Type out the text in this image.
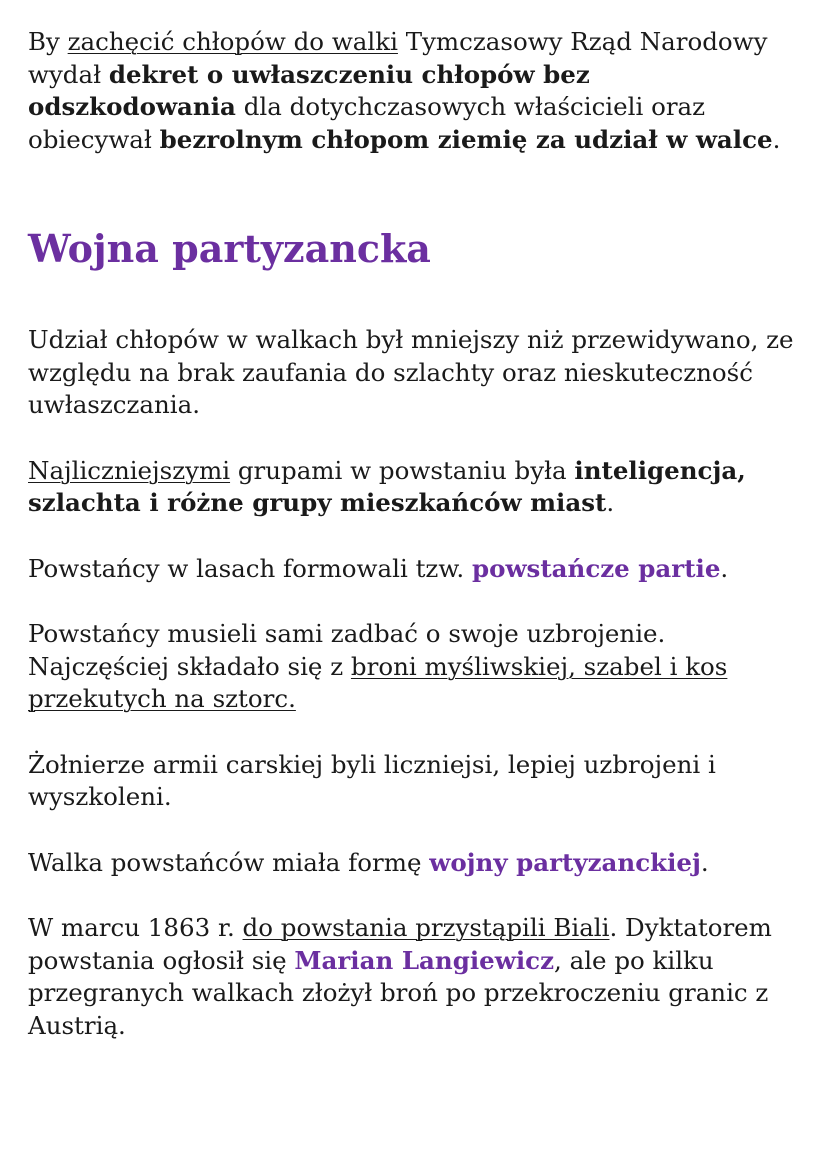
By zachęcić chłopów do walki Tymczasowy Rząd Narodowy wydał dekret o uwłaszczeniu chłopów bez odszkodowania dla dotychczasowych właścicieli oraz obiecywał bezrolnym chłopom ziemię za udział w walce.

Wojna partyzancka

Udział chłopów w walkach był mniejszy niż przewidywano, ze względu na brak zaufania do szlachty oraz nieskuteczność uwłaszczania.

Najliczniejszymi grupami w powstaniu była inteligencja, szlachta i różne grupy mieszkańców miast.

Powstańcy w lasach formowali tzw. powstańcze partie.

Powstańcy musieli sami zadbać o swoje uzbrojenie. Najczęściej składało się z broni myśliwskiej, szabel i kos przekutych na sztorc.

Żołnierze armii carskiej byli liczniejsi, lepiej uzbrojeni i wyszkoleni.

Walka powstańców miała formę wojny partyzanckiej.

W marcu 1863 r. do powstania przystąpili Biali. Dyktatorem powstania ogłosił się Marian Langiewicz, ale po kilku przegranych walkach złożył broń po przekroczeniu granic z Austrią.
